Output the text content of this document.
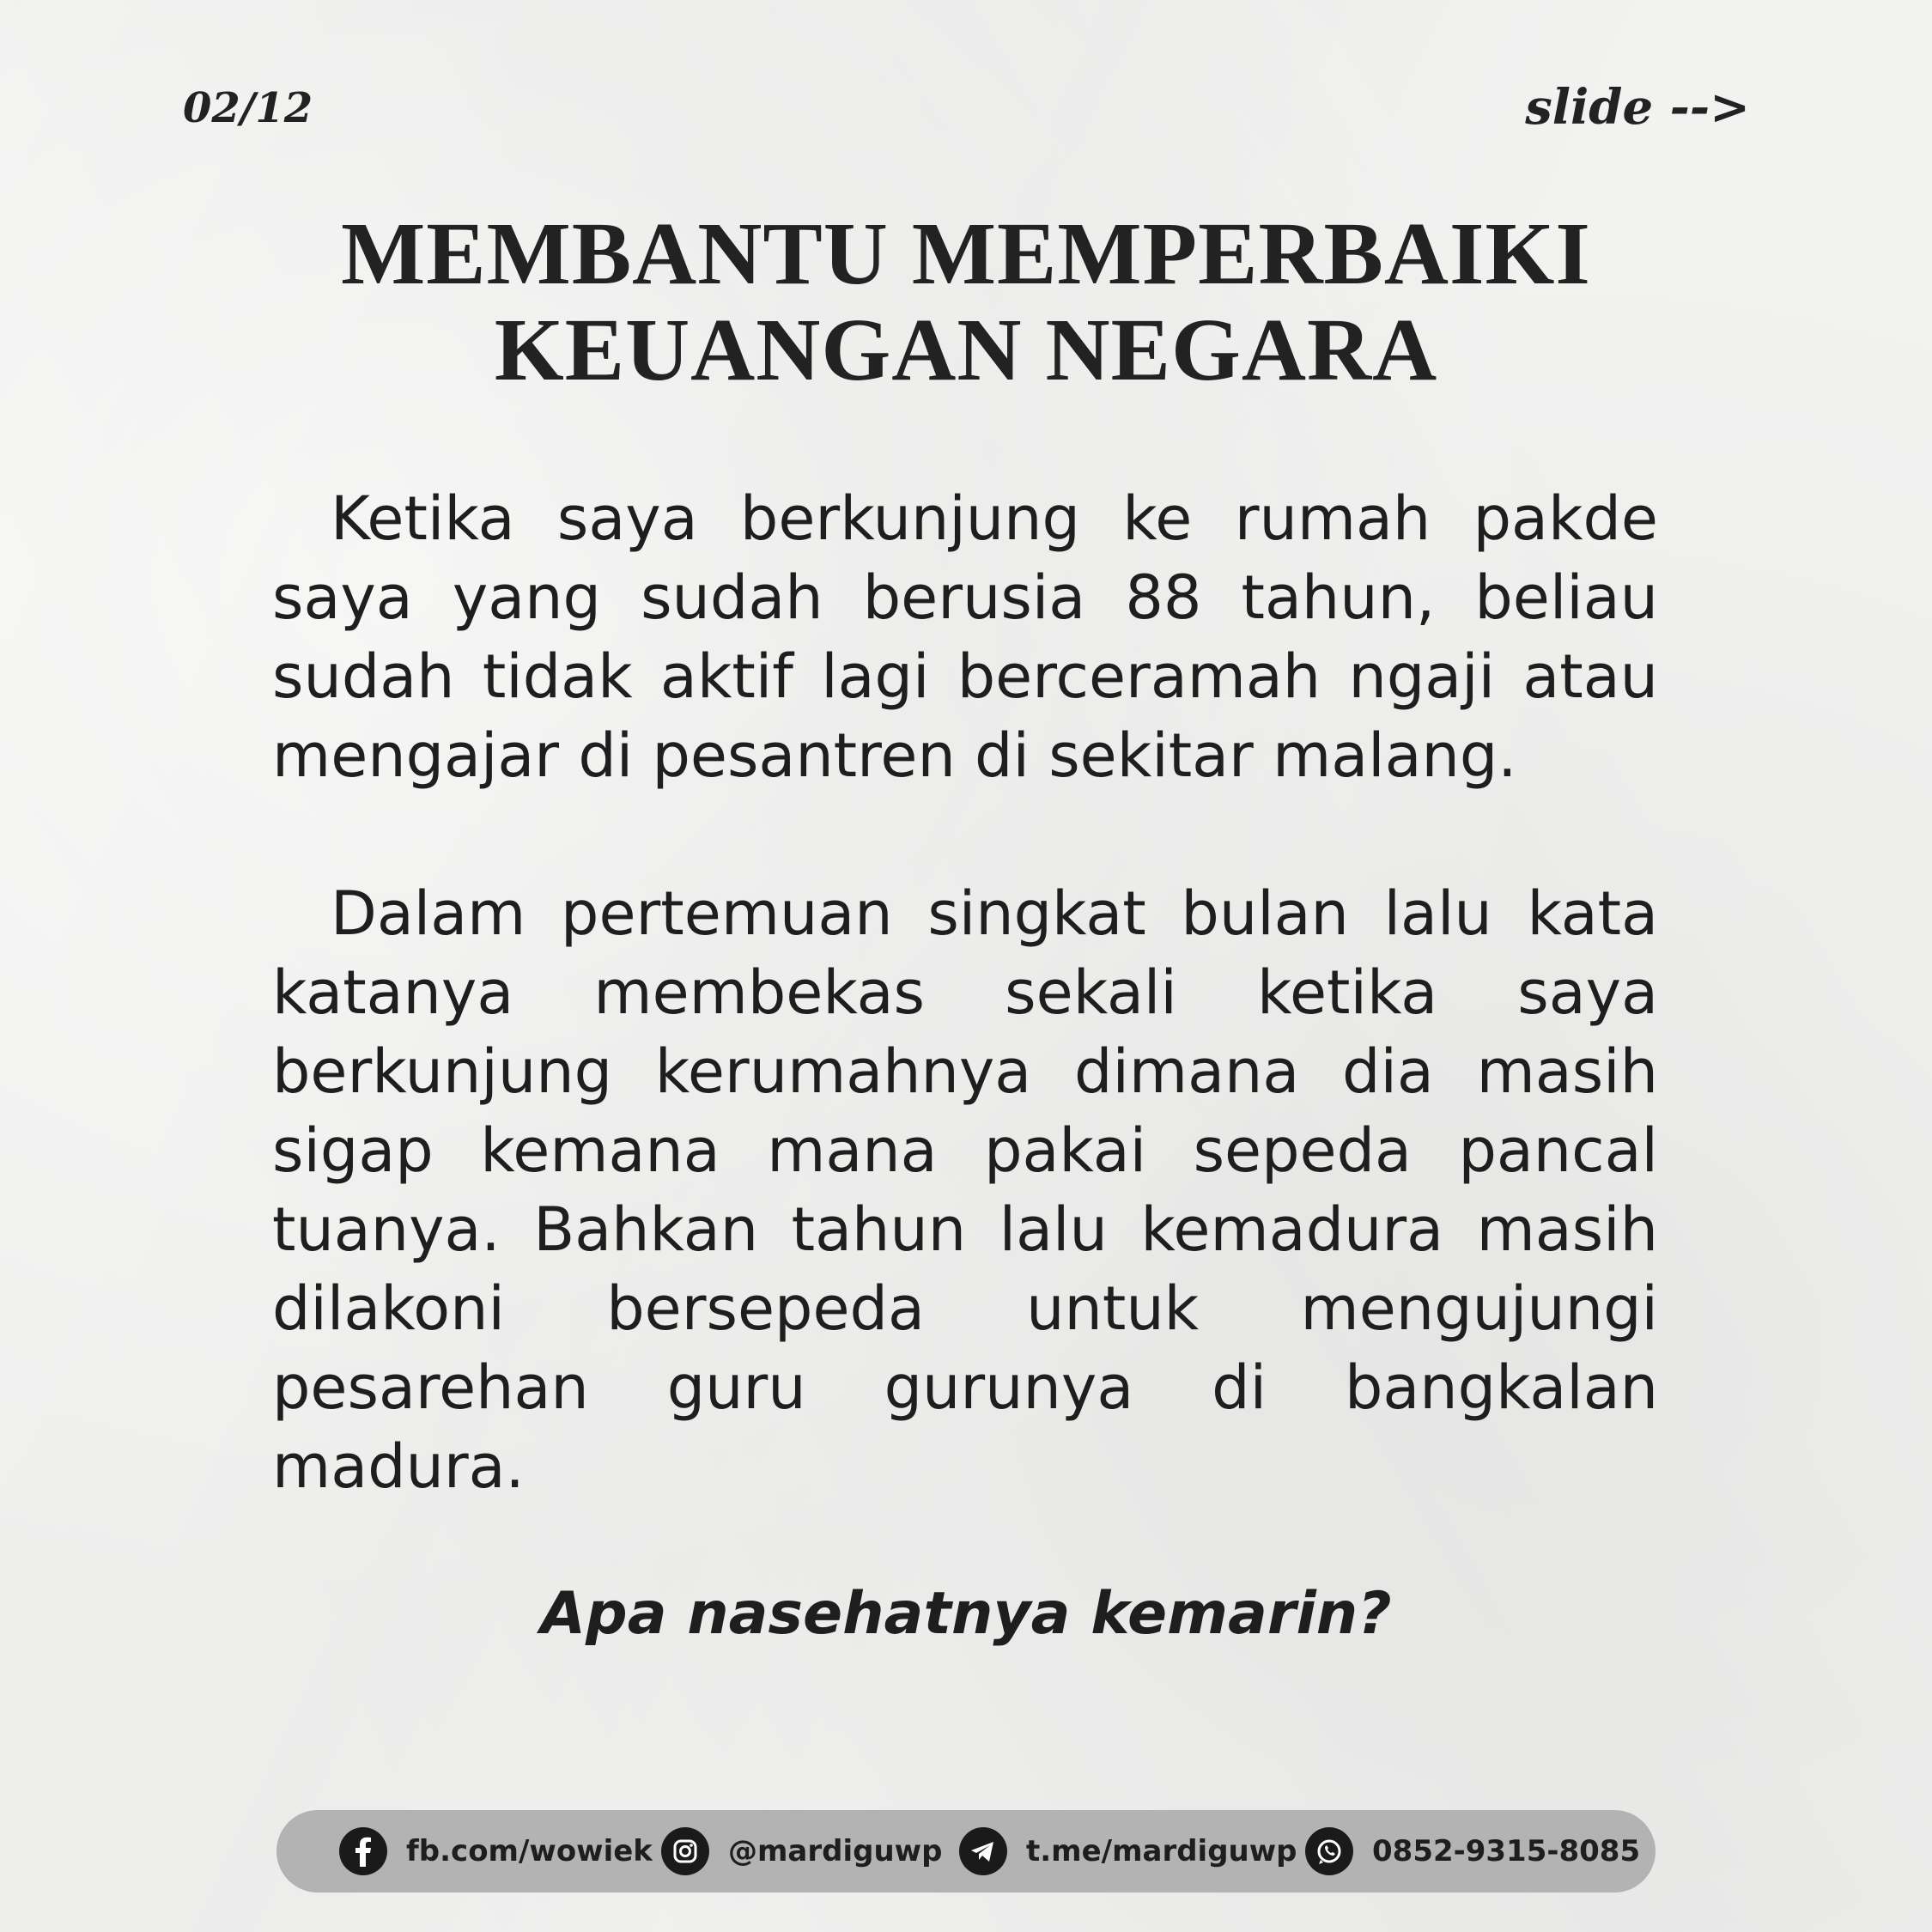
02/12	slide -->
MEMBANTU MEMPERBAIKI
KEUANGAN NEGARA

Ketika saya berkunjung ke rumah pakde saya yang sudah berusia 88 tahun, beliau sudah tidak aktif lagi berceramah ngaji atau mengajar di pesantren di sekitar malang.

Dalam pertemuan singkat bulan lalu kata katanya membekas sekali ketika saya berkunjung kerumahnya dimana dia masih sigap kemana mana pakai sepeda pancal tuanya. Bahkan tahun lalu kemadura masih dilakoni bersepeda untuk mengujungi pesarehan guru gurunya di bangkalan madura.

Apa nasehatnya kemarin?
fb.com/wowiek	@mardiguwp	t.me/mardiguwp	0852-9315-8085
